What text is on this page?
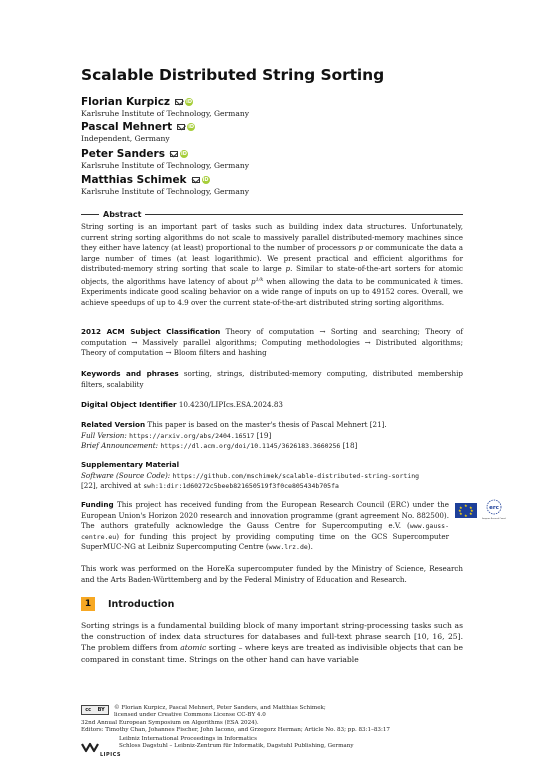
Scalable Distributed String Sorting
Florian Kurpicz	iD
Karlsruhe Institute of Technology, Germany
Pascal Mehnert	iD
Independent, Germany
Peter Sanders	iD
Karlsruhe Institute of Technology, Germany
Matthias Schimek	iD
Karlsruhe Institute of Technology, Germany
Abstract
String sorting is an important part of tasks such as building index data structures. Unfortunately, current string sorting algorithms do not scale to massively parallel distributed-memory machines since they either have latency (at least) proportional to the number of processors p or communicate the data a large number of times (at least logarithmic). We present practical and efficient algorithms for distributed-memory string sorting that scale to large p. Similar to state-of-the-art sorters for atomic objects, the algorithms have latency of about $p^{1/k}$ when allowing the data to be communicated k times. Experiments indicate good scaling behavior on a wide range of inputs on up to 49152 cores. Overall, we achieve speedups of up to 4.9 over the current state-of-the-art distributed string sorting algorithms.
2012 ACM Subject Classification Theory of computation → Sorting and searching; Theory of computation → Massively parallel algorithms; Computing methodologies → Distributed algorithms; Theory of computation → Bloom filters and hashing
Keywords and phrases sorting, strings, distributed-memory computing, distributed membership filters, scalability
Digital Object Identifier 10.4230/LIPIcs.ESA.2024.83
Related Version This paper is based on the master's thesis of Pascal Mehnert [21].
Full Version: https://arxiv.org/abs/2404.16517 [19]
Brief Announcement: https://dl.acm.org/doi/10.1145/3626183.3660256 [18]
Supplementary Material
Software (Source Code): https://github.com/mschimek/scalable-distributed-string-sorting
[22], archived at swh:1:dir:1d60272c5beeb821650519f3f0ce805434b705fa
Funding This project has received funding from the European Research Council (ERC) under the European Union's Horizon 2020 research and innovation programme (grant agreement No. 882500). The authors gratefully acknowledge the Gauss Centre for Supercomputing e.V. (www.gauss-centre.eu) for funding this project by providing computing time on the GCS Supercomputer SuperMUC-NG at Leibniz Supercomputing Centre (www.lrz.de).
This work was performed on the HoreKa supercomputer funded by the Ministry of Science, Research and the Arts Baden-Württemberg and by the Federal Ministry of Education and Research.
★ ★
★
★
★
★
★
★	erc
European Research Council
1	Introduction
Sorting strings is a fundamental building block of many important string-processing tasks such as the construction of index data structures for databases and full-text phrase search [10, 16, 25]. The problem differs from atomic sorting – where keys are treated as indivisible objects that can be compared in constant time. Strings on the other hand can have variable
cc BY © Florian Kurpicz, Pascal Mehnert, Peter Sanders, and Matthias Schimek;
licensed under Creative Commons License CC-BY 4.0
32nd Annual European Symposium on Algorithms (ESA 2024).
Editors: Timothy Chan, Johannes Fischer, John Iacono, and Grzegorz Herman; Article No. 83; pp. 83:1–83:17
Leibniz International Proceedings in Informatics
Schloss Dagstuhl – Leibniz-Zentrum für Informatik, Dagstuhl Publishing, Germany
LIPICS
